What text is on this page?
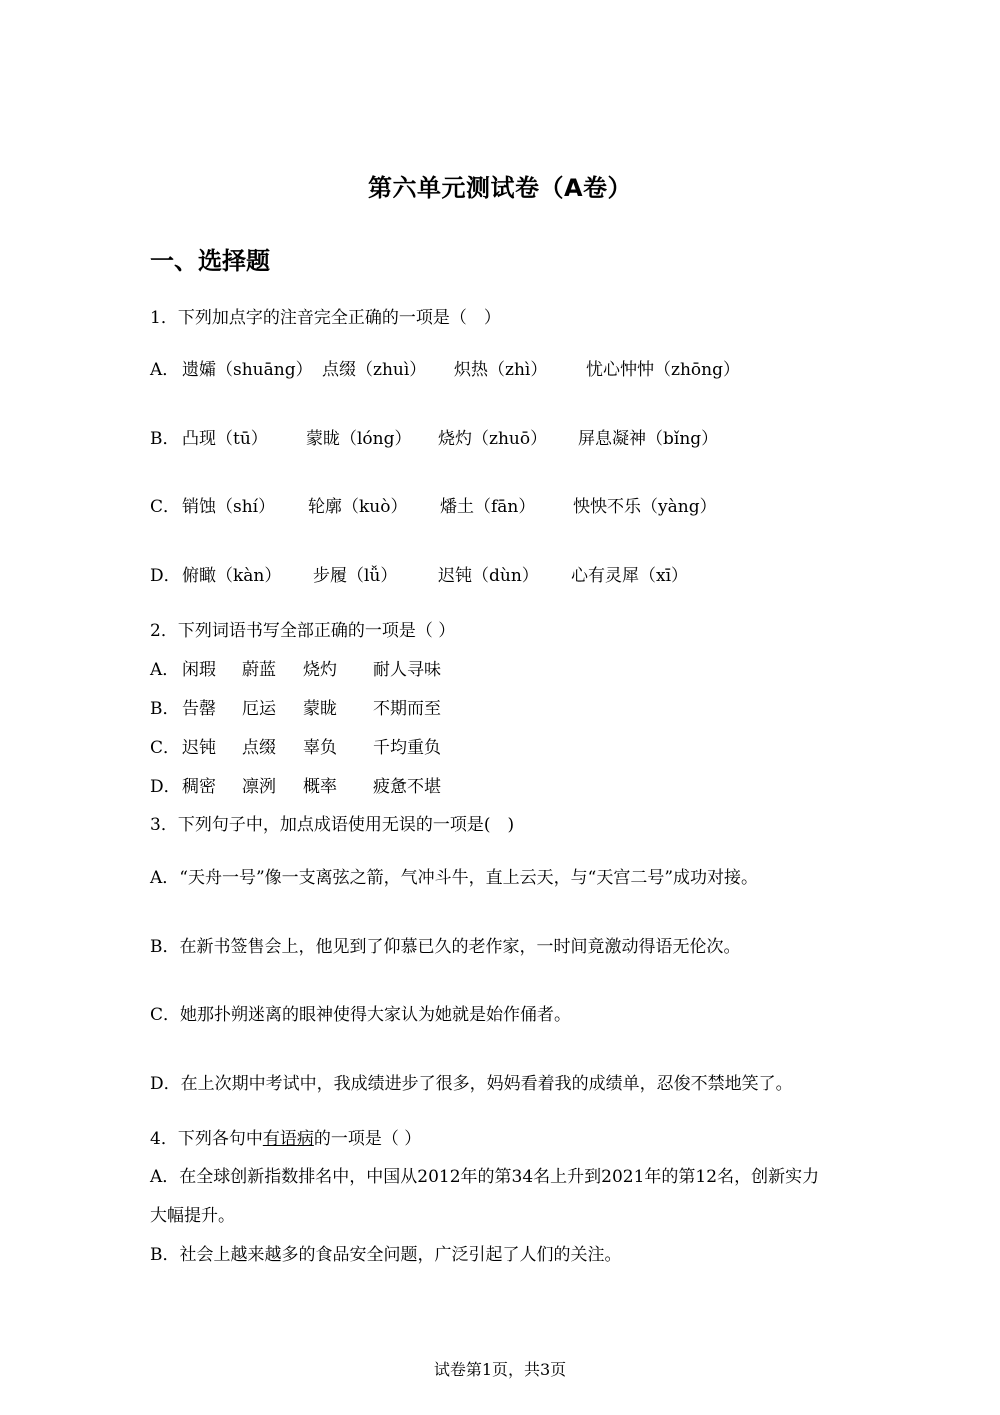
第六单元测试卷（A卷）
一、选择题
1．下列加点字的注音完全正确的一项是（　）
A． 遗孀（shuāng） 点缀（zhuì） 炽热（zhì） 忧心忡忡（zhōng）
B． 凸现（tū） 蒙眬（lóng） 烧灼（zhuō） 屏息凝神（bǐng）
C． 销蚀（shí） 轮廓（kuò） 燔土（fān） 怏怏不乐（yàng）
D． 俯瞰（kàn） 步履（lǚ） 迟钝（dùn） 心有灵犀（xī）
2．下列词语书写全部正确的一项是（ ）
A． 闲瑕 蔚蓝 烧灼 耐人寻味
B． 告罄 厄运 蒙眬 不期而至
C． 迟钝 点缀 辜负 千均重负
D． 稠密 凛洌 概率 疲惫不堪
3．下列句子中，加点成语使用无误的一项是(　)
A．“天舟一号”像一支离弦之箭，气冲斗牛，直上云天，与“天宫二号”成功对接。
B．在新书签售会上，他见到了仰慕已久的老作家，一时间竟激动得语无伦次。
C．她那扑朔迷离的眼神使得大家认为她就是始作俑者。
D．在上次期中考试中，我成绩进步了很多，妈妈看着我的成绩单，忍俊不禁地笑了。
4．下列各句中有语病的一项是（ ）
A．在全球创新指数排名中，中国从2012年的第34名上升到2021年的第12名，创新实力
大幅提升。
B．社会上越来越多的食品安全问题，广泛引起了人们的关注。
试卷第1页，共3页
